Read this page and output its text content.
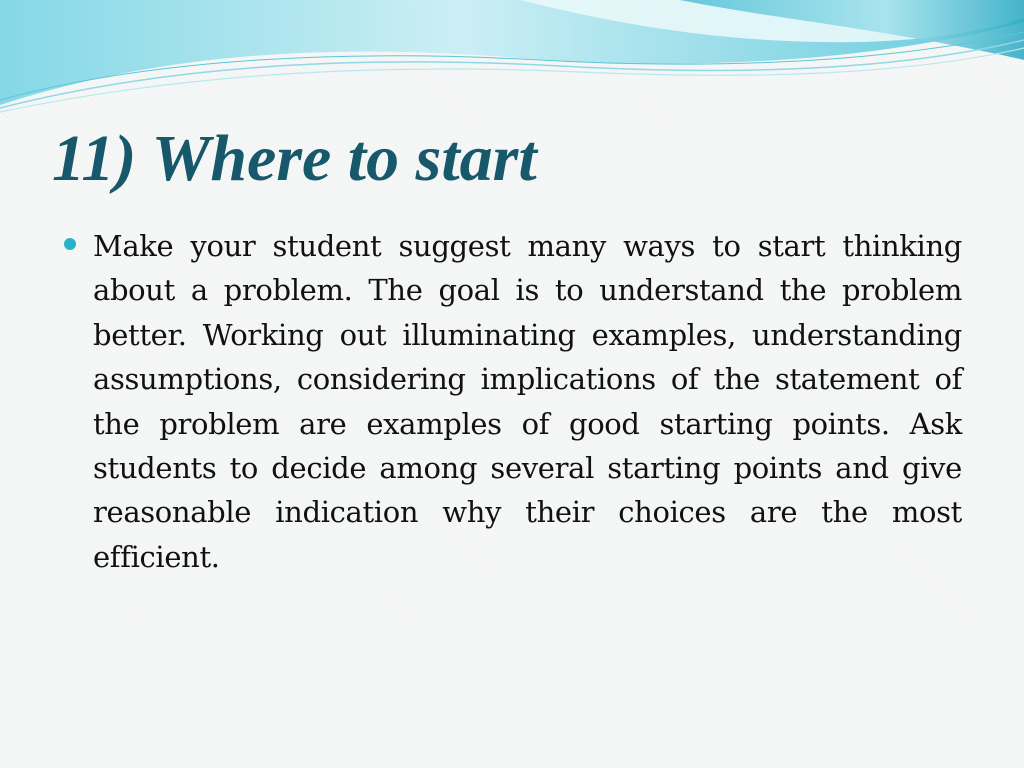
11) Where to start

Make your student suggest many ways to start thinking about a problem. The goal is to understand the problem better. Working out illuminating examples, understanding assumptions, considering implications of the statement of the problem are examples of good starting points. Ask students to decide among several starting points and give reasonable indication why their choices are the most efficient.
